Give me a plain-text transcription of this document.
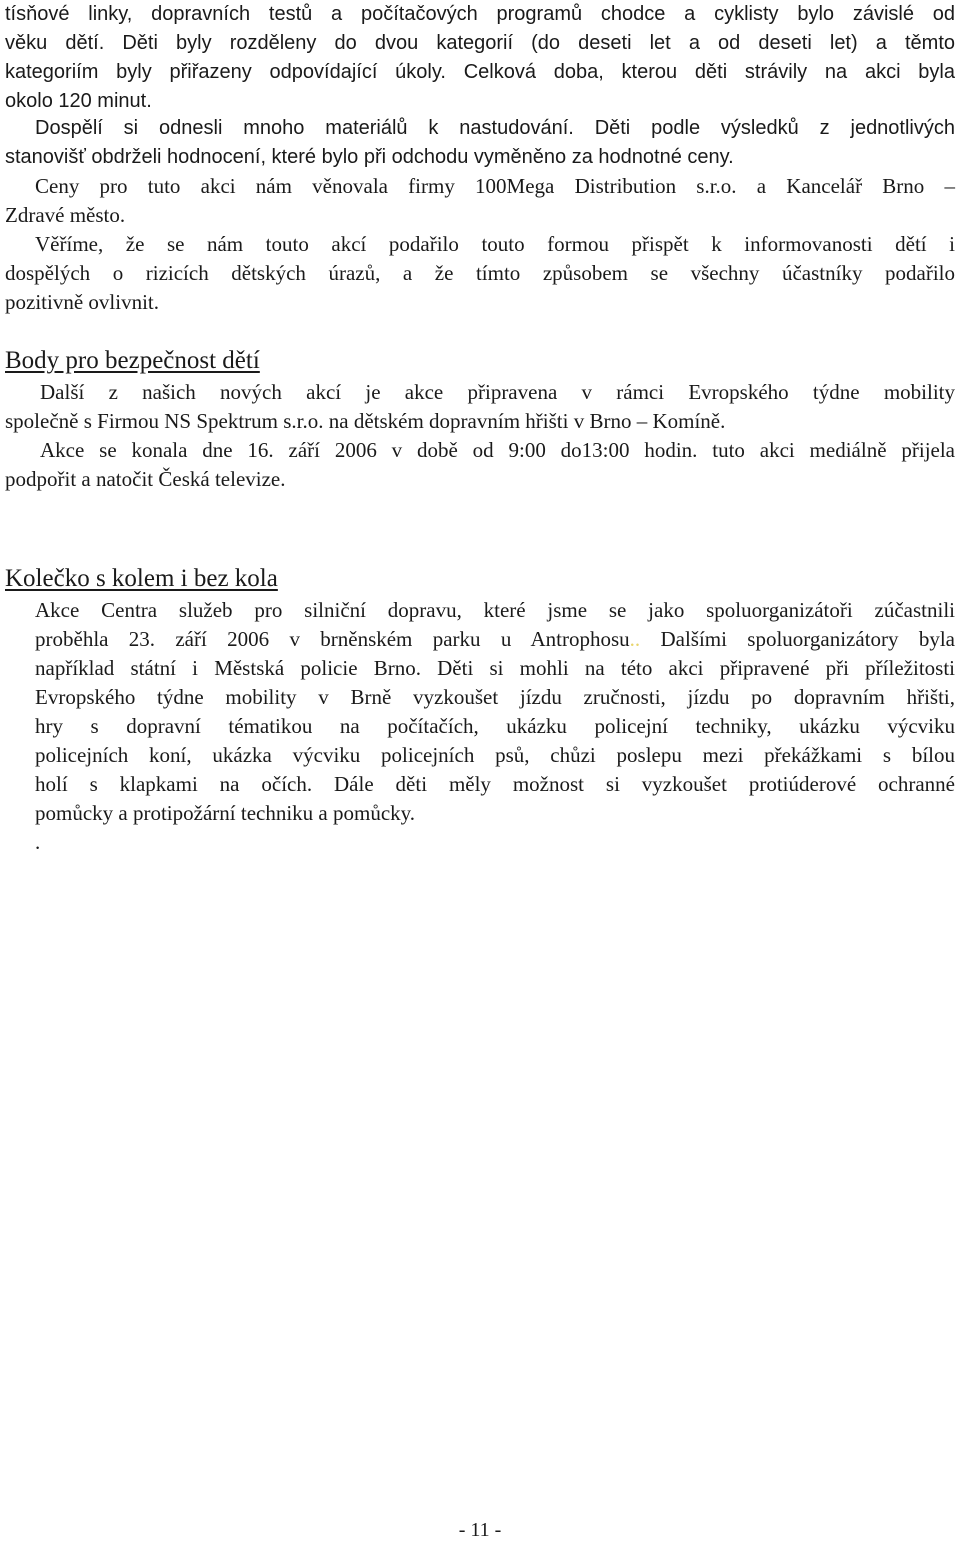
tísňové linky, dopravních testů a počítačových programů chodce a cyklisty bylo závislé od
věku dětí. Děti byly rozděleny do dvou kategorií (do deseti let a od deseti let) a těmto
kategoriím byly přiřazeny odpovídající úkoly. Celková doba, kterou děti strávily na akci byla
okolo 120 minut.
Dospělí si odnesli mnoho materiálů k nastudování. Děti podle výsledků z jednotlivých
stanovišť obdrželi hodnocení, které bylo při odchodu vyměněno za hodnotné ceny.
Ceny pro tuto akci nám věnovala firmy 100Mega Distribution s.r.o. a Kancelář Brno –
Zdravé město.
Věříme, že se nám touto akcí podařilo touto formou přispět k informovanosti dětí i
dospělých o rizicích dětských úrazů, a že tímto způsobem se všechny účastníky podařilo
pozitivně ovlivnit.
Body pro bezpečnost dětí
Další z našich nových akcí je akce připravena v rámci Evropského týdne mobility
společně s Firmou NS Spektrum s.r.o. na dětském dopravním hřišti v Brno – Komíně.
Akce se konala dne 16. září 2006 v době od 9:00 do13:00 hodin. tuto akci mediálně přijela
podpořit a natočit Česká televize.
Kolečko s kolem i bez kola
Akce Centra služeb pro silniční dopravu, které jsme se jako spoluorganizátoři zúčastnili
proběhla 23. září 2006 v brněnském parku u Antrophosu.. Dalšími spoluorganizátory byla
například státní i Městská policie Brno. Děti si mohli na této akci připravené při příležitosti
Evropského týdne mobility v Brně vyzkoušet jízdu zručnosti, jízdu po dopravním hřišti,
hry s dopravní tématikou na počítačích, ukázku policejní techniky, ukázku výcviku
policejních koní, ukázka výcviku policejních psů, chůzi poslepu mezi překážkami s bílou
holí s klapkami na očích. Dále děti měly možnost si vyzkoušet protiúderové ochranné
pomůcky a protipožární techniku a pomůcky.
.
- 11 -
